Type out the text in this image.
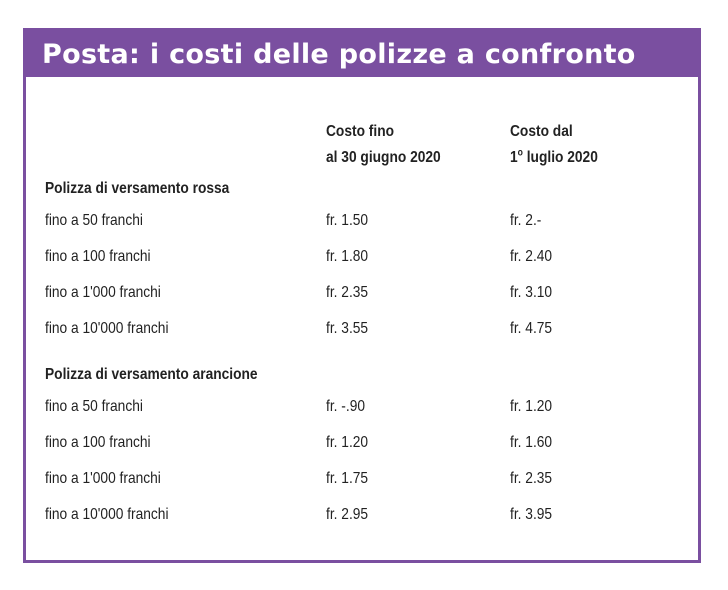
Posta: i costi delle polizze a confronto
Costo fino
al 30 giugno 2020
Costo dal
1$^o$ luglio 2020
Polizza di versamento rossa
fino a 50 franchi	fr. 1.50	fr. 2.-
fino a 100 franchi	fr. 1.80	fr. 2.40
fino a 1'000 franchi	fr. 2.35	fr. 3.10
fino a 10'000 franchi	fr. 3.55	fr. 4.75
Polizza di versamento arancione
fino a 50 franchi	fr. -.90	fr. 1.20
fino a 100 franchi	fr. 1.20	fr. 1.60
fino a 1'000 franchi	fr. 1.75	fr. 2.35
fino a 10'000 franchi	fr. 2.95	fr. 3.95
